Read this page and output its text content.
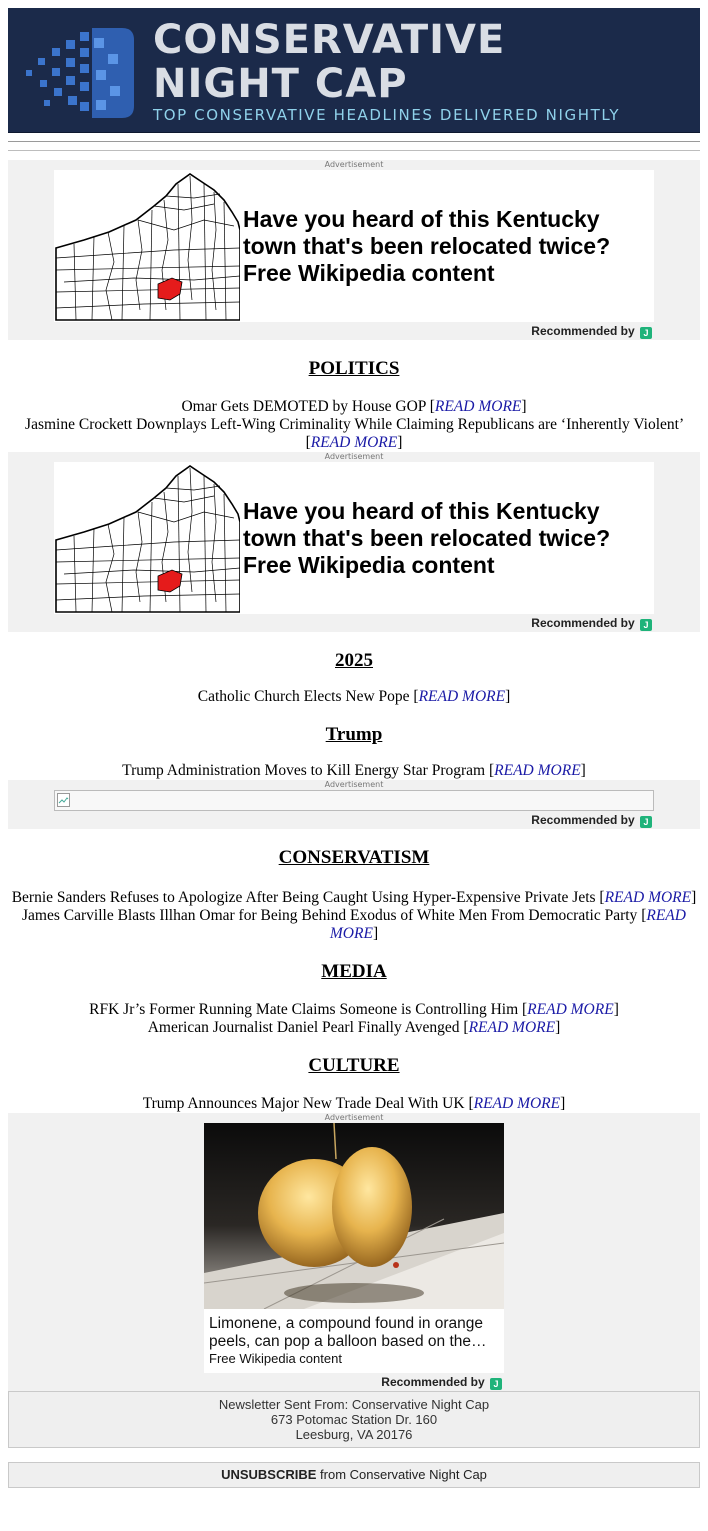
CONSERVATIVE
NIGHT CAP
TOP CONSERVATIVE HEADLINES DELIVERED NIGHTLY
Advertisement
Have you heard of this Kentucky town that's been relocated twice? Free Wikipedia content
Recommended by J
POLITICS
Omar Gets DEMOTED by House GOP [READ MORE]
Jasmine Crockett Downplays Left-Wing Criminality While Claiming Republicans are ‘Inherently Violent’ [READ MORE]
Advertisement
Have you heard of this Kentucky town that's been relocated twice? Free Wikipedia content
Recommended by J
2025
Catholic Church Elects New Pope [READ MORE]
Trump
Trump Administration Moves to Kill Energy Star Program [READ MORE]
Advertisement
Recommended by J
CONSERVATISM
Bernie Sanders Refuses to Apologize After Being Caught Using Hyper-Expensive Private Jets [READ MORE]
James Carville Blasts Illhan Omar for Being Behind Exodus of White Men From Democratic Party [READ MORE]
MEDIA
RFK Jr’s Former Running Mate Claims Someone is Controlling Him [READ MORE]
American Journalist Daniel Pearl Finally Avenged [READ MORE]
CULTURE
Trump Announces Major New Trade Deal With UK [READ MORE]
Advertisement
Limonene, a compound found in orange peels, can pop a balloon based on the…
Free Wikipedia content
Recommended by J
Newsletter Sent From: Conservative Night Cap
673 Potomac Station Dr. 160
Leesburg, VA 20176
UNSUBSCRIBE from Conservative Night Cap
